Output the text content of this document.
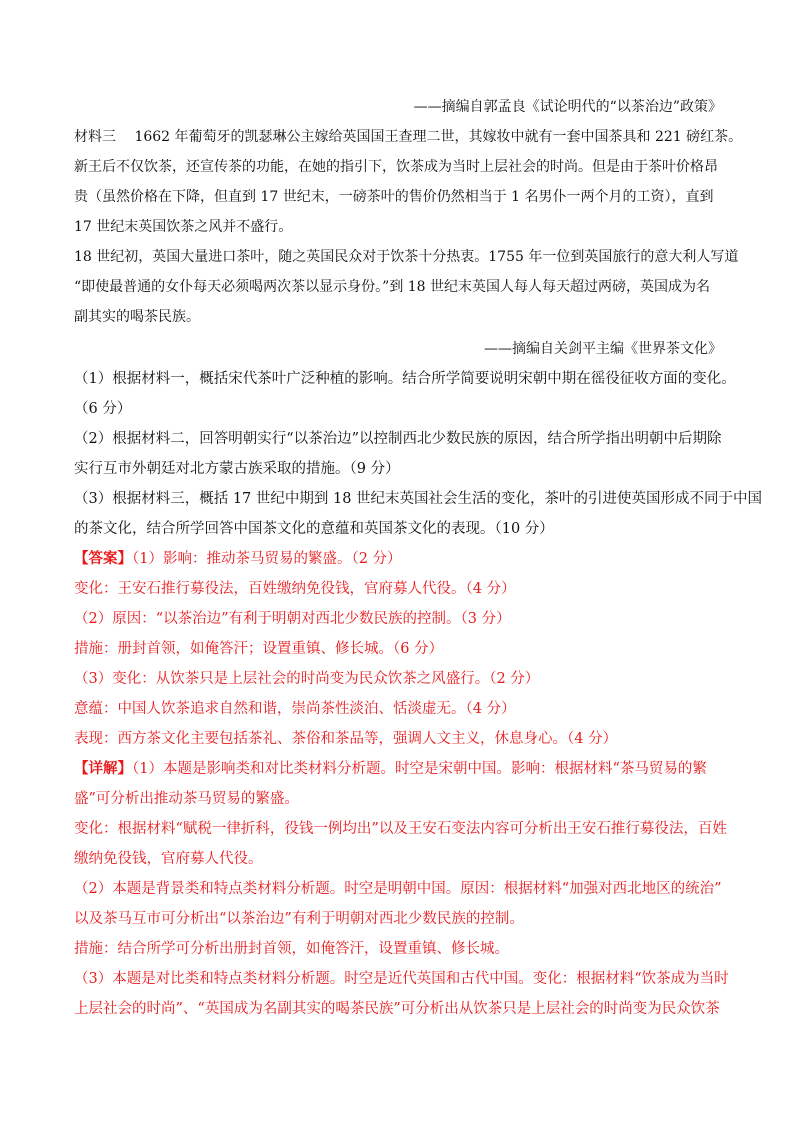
——摘编自郭孟良《试论明代的“以茶治边”政策》
材料三　 1662 年葡萄牙的凯瑟琳公主嫁给英国国王查理二世，其嫁妆中就有一套中国茶具和 221 磅红茶。
新王后不仅饮茶，还宣传茶的功能，在她的指引下，饮茶成为当时上层社会的时尚。但是由于茶叶价格昂
贵（虽然价格在下降，但直到 17 世纪末，一磅茶叶的售价仍然相当于 1 名男仆一两个月的工资），直到
17 世纪末英国饮茶之风并不盛行。
18 世纪初，英国大量进口茶叶，随之英国民众对于饮茶十分热衷。1755 年一位到英国旅行的意大利人写道
“即使最普通的女仆每天必须喝两次茶以显示身份。”到 18 世纪末英国人每人每天超过两磅，英国成为名
副其实的喝茶民族。
——摘编自关剑平主编《世界茶文化》
（1）根据材料一，概括宋代茶叶广泛种植的影响。结合所学简要说明宋朝中期在徭役征收方面的变化。
（6 分）
（2）根据材料二，回答明朝实行“以茶治边”以控制西北少数民族的原因，结合所学指出明朝中后期除
实行互市外朝廷对北方蒙古族采取的措施。（9 分）
（3）根据材料三，概括 17 世纪中期到 18 世纪末英国社会生活的变化，茶叶的引进使英国形成不同于中国
的茶文化，结合所学回答中国茶文化的意蕴和英国茶文化的表现。（10 分）
【答案】（1）影响：推动茶马贸易的繁盛。（2 分）
变化：王安石推行募役法，百姓缴纳免役钱，官府募人代役。（4 分）
（2）原因：“以茶治边”有利于明朝对西北少数民族的控制。（3 分）
措施：册封首领，如俺答汗；设置重镇、修长城。（6 分）
（3）变化：从饮茶只是上层社会的时尚变为民众饮茶之风盛行。（2 分）
意蕴：中国人饮茶追求自然和谐，崇尚茶性淡泊、恬淡虚无。（4 分）
表现：西方茶文化主要包括茶礼、茶俗和茶品等，强调人文主义，休息身心。（4 分）
【详解】（1）本题是影响类和对比类材料分析题。时空是宋朝中国。影响：根据材料“茶马贸易的繁
盛”可分析出推动茶马贸易的繁盛。
变化：根据材料“赋税一律折科，役钱一例均出”以及王安石变法内容可分析出王安石推行募役法，百姓
缴纳免役钱，官府募人代役。
（2）本题是背景类和特点类材料分析题。时空是明朝中国。原因：根据材料“加强对西北地区的统治”
以及茶马互市可分析出“以茶治边”有利于明朝对西北少数民族的控制。
措施：结合所学可分析出册封首领，如俺答汗，设置重镇、修长城。
（3）本题是对比类和特点类材料分析题。时空是近代英国和古代中国。变化：根据材料“饮茶成为当时
上层社会的时尚”、“英国成为名副其实的喝茶民族”可分析出从饮茶只是上层社会的时尚变为民众饮茶
